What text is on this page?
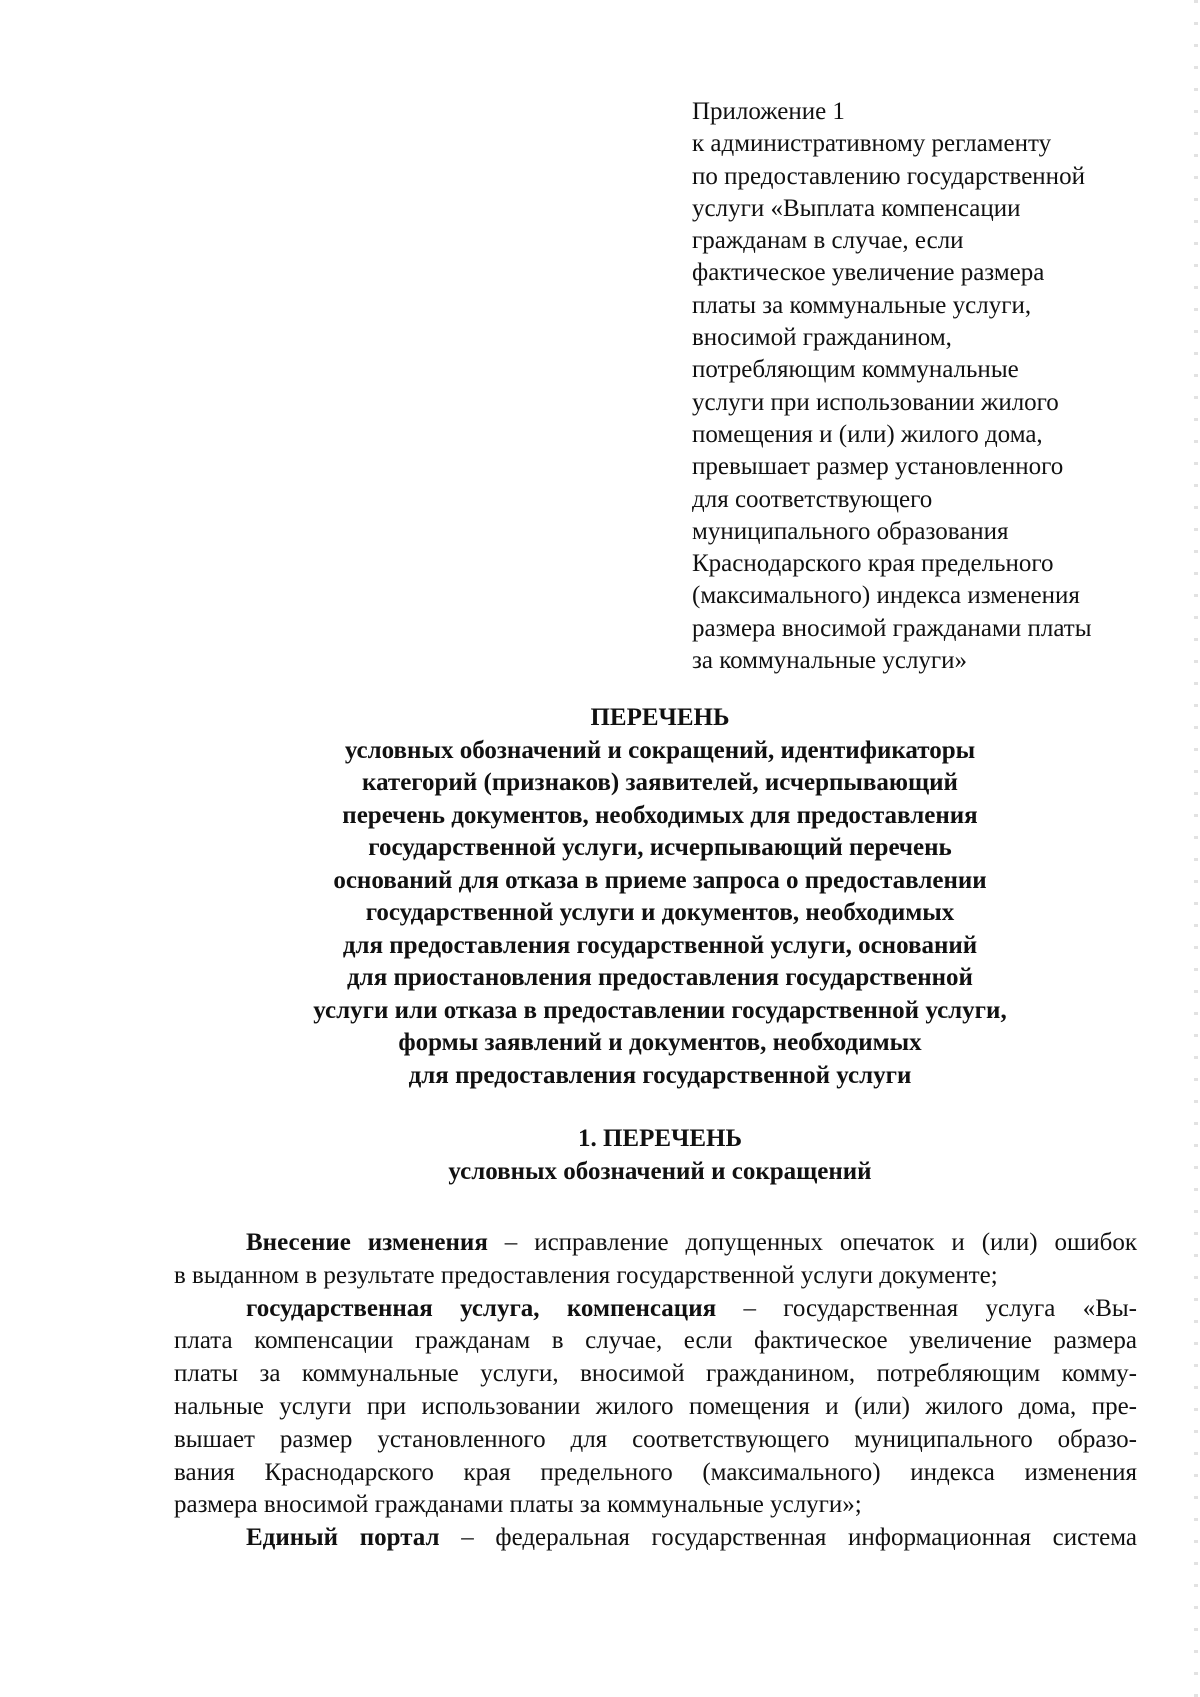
Приложение 1
к административному регламенту
по предоставлению государственной
услуги «Выплата компенсации
гражданам в случае, если
фактическое увеличение размера
платы за коммунальные услуги,
вносимой гражданином,
потребляющим коммунальные
услуги при использовании жилого
помещения и (или) жилого дома,
превышает размер установленного
для соответствующего
муниципального образования
Краснодарского края предельного
(максимального) индекса изменения
размера вносимой гражданами платы
за коммунальные услуги»
ПЕРЕЧЕНЬ
условных обозначений и сокращений, идентификаторы
категорий (признаков) заявителей, исчерпывающий
перечень документов, необходимых для предоставления
государственной услуги, исчерпывающий перечень
оснований для отказа в приеме запроса о предоставлении
государственной услуги и документов, необходимых
для предоставления государственной услуги, оснований
для приостановления предоставления государственной
услуги или отказа в предоставлении государственной услуги,
формы заявлений и документов, необходимых
для предоставления государственной услуги
1. ПЕРЕЧЕНЬ
условных обозначений и сокращений
Внесение изменения – исправление допущенных опечаток и (или) ошибок
в выданном в результате предоставления государственной услуги документе;
государственная услуга, компенсация – государственная услуга «Вы-
плата компенсации гражданам в случае, если фактическое увеличение размера
платы за коммунальные услуги, вносимой гражданином, потребляющим комму-
нальные услуги при использовании жилого помещения и (или) жилого дома, пре-
вышает размер установленного для соответствующего муниципального образо-
вания Краснодарского края предельного (максимального) индекса изменения
размера вносимой гражданами платы за коммунальные услуги»;
Единый портал – федеральная государственная информационная система
